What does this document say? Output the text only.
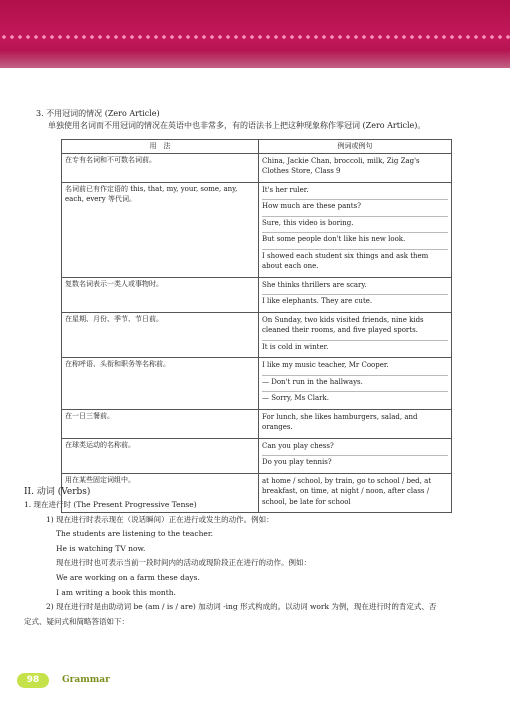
3. 不用冠词的情况 (Zero Article)
单独使用名词而不用冠词的情况在英语中也非常多，有的语法书上把这种现象称作零冠词 (Zero Article)。
用　法	例词或例句
在专有名词和不可数名词前。	China, Jackie Chan, broccoli, milk, Zig Zag's Clothes Store, Class 9

名词前已有作定语的 this, that, my, your, some, any, each, every 等代词。	It's her ruler.

How much are these pants?

Sure, this video is boring.

But some people don't like his new look.

I showed each student six things and ask them about each one.

复数名词表示一类人或事物时。	She thinks thrillers are scary.

I like elephants. They are cute.

在星期、月份、季节、节日前。	On Sunday, two kids visited friends, nine kids cleaned their rooms, and five played sports.

It is cold in winter.

在称呼语、头衔和职务等名称前。	I like my music teacher, Mr Cooper.

— Don't run in the hallways.

— Sorry, Ms Clark.

在一日三餐前。	For lunch, she likes hamburgers, salad, and oranges.

在球类运动的名称前。	Can you play chess?

Do you play tennis?

用在某些固定词组中。	at home / school, by train, go to school / bed, at breakfast, on time, at night / noon, after class / school, be late for school

II. 动词 (Verbs)
1. 现在进行时 (The Present Progressive Tense)
1) 现在进行时表示现在（说话瞬间）正在进行或发生的动作。例如：
The students are listening to the teacher.
He is watching TV now.
现在进行时也可表示当前一段时间内的活动或现阶段正在进行的动作。例如：
We are working on a farm these days.
I am writing a book this month.
2) 现在进行时是由助动词 be (am / is / are) 加动词 -ing 形式构成的。以动词 work 为例，现在进行时的肯定式、否
定式、疑问式和简略答语如下：
98	Grammar
